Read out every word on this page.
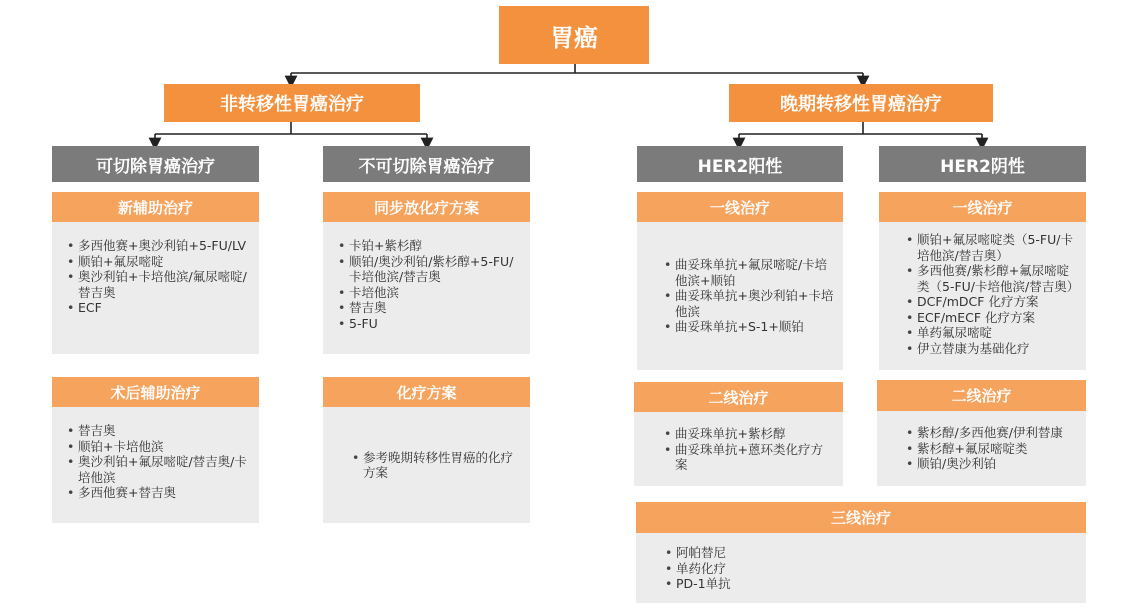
胃癌
非转移性胃癌治疗	晚期转移性胃癌治疗
可切除胃癌治疗	不可切除胃癌治疗	HER2阳性	HER2阴性
新辅助治疗
• 多西他赛+奥沙利铂+5-FU/LV
• 顺铂+氟尿嘧啶
• 奥沙利铂+卡培他滨/氟尿嘧啶/替吉奥
• ECF
术后辅助治疗
• 替吉奥
• 顺铂+卡培他滨
• 奥沙利铂+氟尿嘧啶/替吉奥/卡培他滨
• 多西他赛+替吉奥
同步放化疗方案
• 卡铂+紫杉醇
• 顺铂/奥沙利铂/紫杉醇+5-FU/卡培他滨/替吉奥
• 卡培他滨
• 替吉奥
• 5-FU
化疗方案
• 参考晚期转移性胃癌的化疗方案
一线治疗
• 曲妥珠单抗+氟尿嘧啶/卡培他滨+顺铂
• 曲妥珠单抗+奥沙利铂+卡培他滨
• 曲妥珠单抗+S-1+顺铂
二线治疗
• 曲妥珠单抗+紫杉醇
• 曲妥珠单抗+蒽环类化疗方案
一线治疗
• 顺铂+氟尿嘧啶类（5-FU/卡培他滨/替吉奥）
• 多西他赛/紫杉醇+氟尿嘧啶类（5-FU/卡培他滨/替吉奥）
• DCF/mDCF 化疗方案
• ECF/mECF 化疗方案
• 单药氟尿嘧啶
• 伊立替康为基础化疗
二线治疗
• 紫杉醇/多西他赛/伊利替康
• 紫杉醇+氟尿嘧啶类
• 顺铂/奥沙利铂
三线治疗
• 阿帕替尼
• 单药化疗
• PD-1单抗
